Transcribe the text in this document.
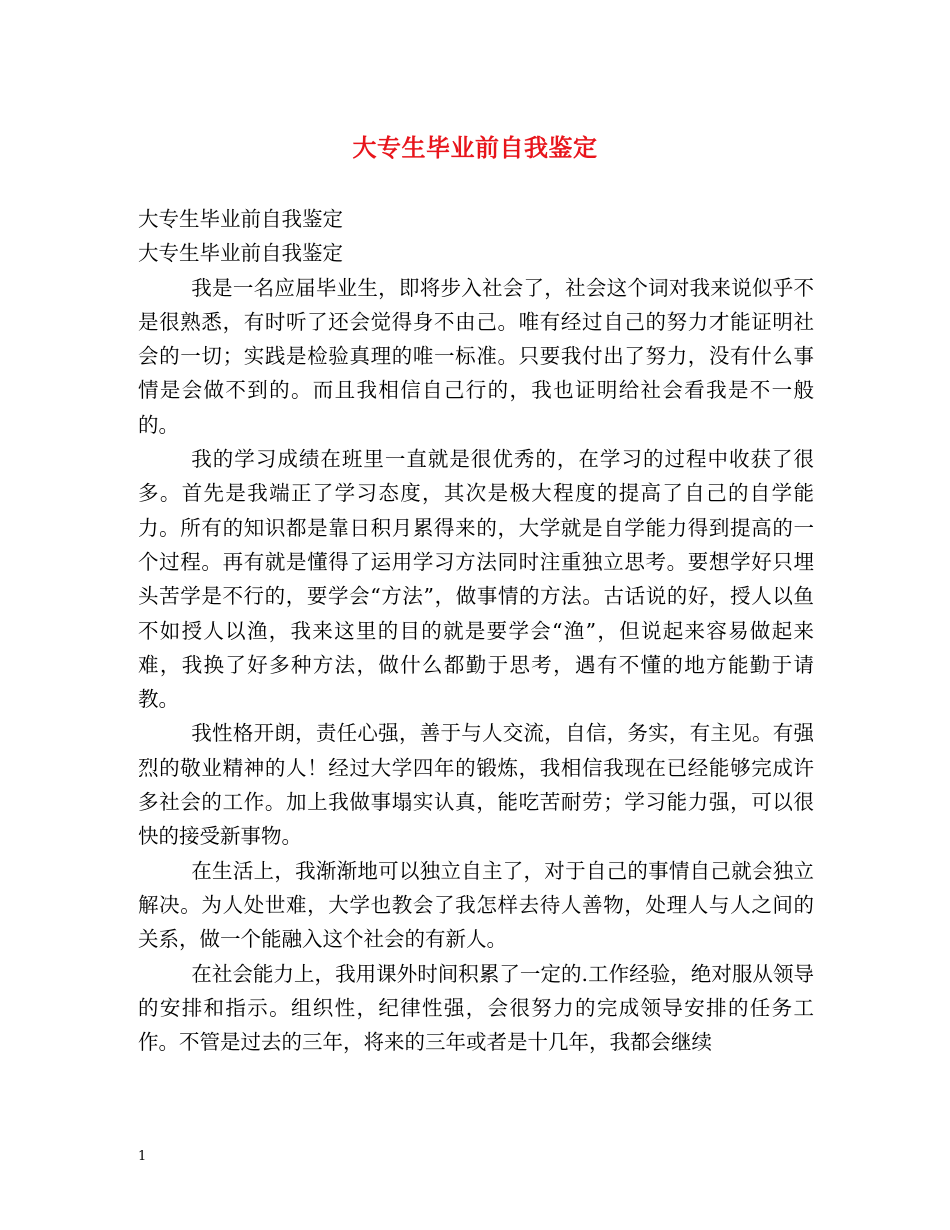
大专生毕业前自我鉴定

大专生毕业前自我鉴定

大专生毕业前自我鉴定

我是一名应届毕业生，即将步入社会了，社会这个词对我来说似乎不是很熟悉，有时听了还会觉得身不由己。唯有经过自己的努力才能证明社会的一切；实践是检验真理的唯一标准。只要我付出了努力，没有什么事情是会做不到的。而且我相信自己行的，我也证明给社会看我是不一般的。

我的学习成绩在班里一直就是很优秀的，在学习的过程中收获了很多。首先是我端正了学习态度，其次是极大程度的提高了自己的自学能力。所有的知识都是靠日积月累得来的，大学就是自学能力得到提高的一个过程。再有就是懂得了运用学习方法同时注重独立思考。要想学好只埋头苦学是不行的，要学会“方法”，做事情的方法。古话说的好，授人以鱼不如授人以渔，我来这里的目的就是要学会“渔”，但说起来容易做起来难，我换了好多种方法，做什么都勤于思考，遇有不懂的地方能勤于请教。

我性格开朗，责任心强，善于与人交流，自信，务实，有主见。有强烈的敬业精神的人！经过大学四年的锻炼，我相信我现在已经能够完成许多社会的工作。加上我做事塌实认真，能吃苦耐劳；学习能力强，可以很快的接受新事物。

在生活上，我渐渐地可以独立自主了，对于自己的事情自己就会独立解决。为人处世难，大学也教会了我怎样去待人善物，处理人与人之间的关系，做一个能融入这个社会的有新人。

在社会能力上，我用课外时间积累了一定的.工作经验，绝对服从领导的安排和指示。组织性，纪律性强，会很努力的完成领导安排的任务工作。不管是过去的三年，将来的三年或者是十几年，我都会继续

1
